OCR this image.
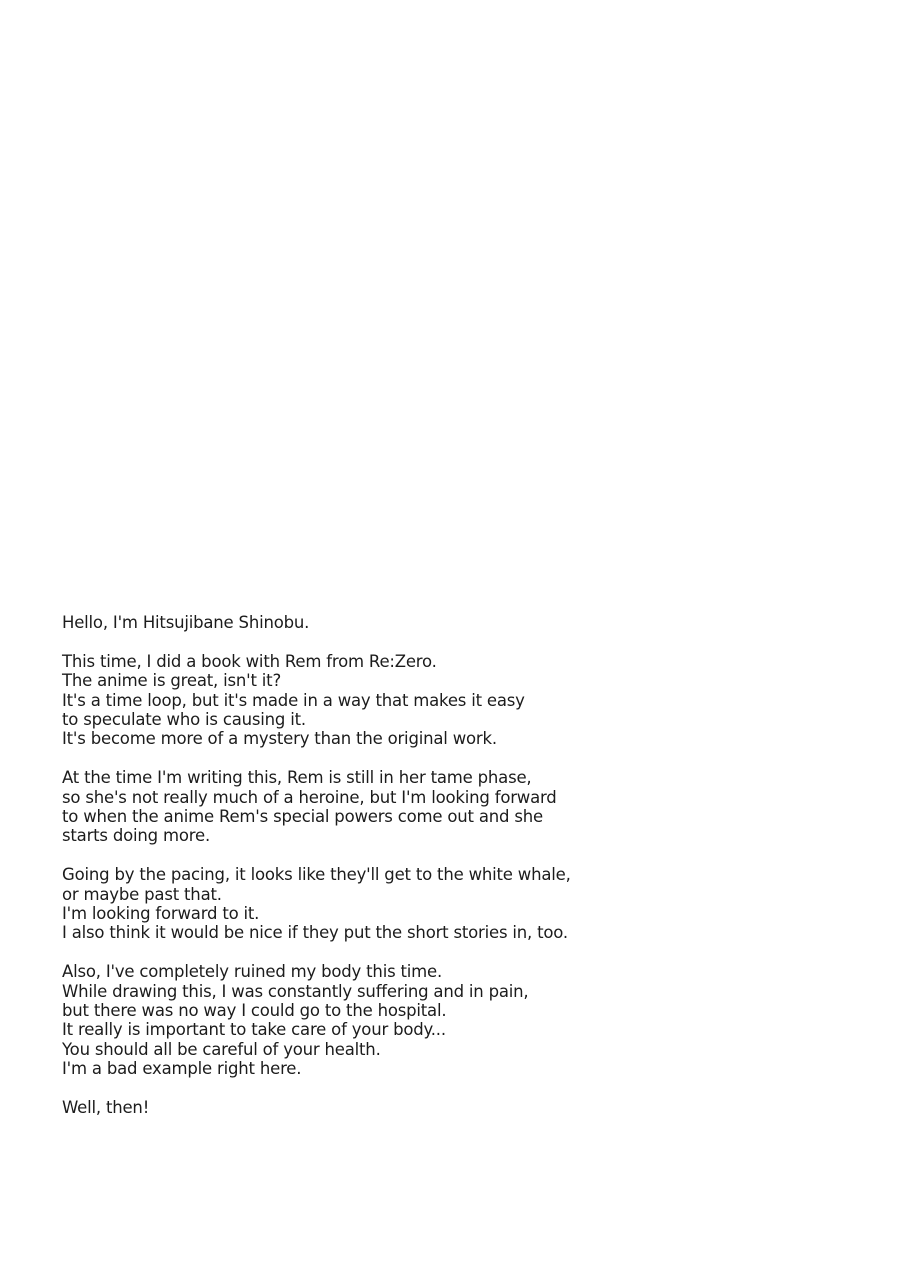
Hello, I'm Hitsujibane Shinobu.

This time, I did a book with Rem from Re:Zero.
The anime is great, isn't it?
It's a time loop, but it's made in a way that makes it easy
to speculate who is causing it.
It's become more of a mystery than the original work.

At the time I'm writing this, Rem is still in her tame phase,
so she's not really much of a heroine, but I'm looking forward
to when the anime Rem's special powers come out and she
starts doing more.

Going by the pacing, it looks like they'll get to the white whale,
or maybe past that.
I'm looking forward to it.
I also think it would be nice if they put the short stories in, too.

Also, I've completely ruined my body this time.
While drawing this, I was constantly suffering and in pain,
but there was no way I could go to the hospital.
It really is important to take care of your body...
You should all be careful of your health.
I'm a bad example right here.

Well, then!
